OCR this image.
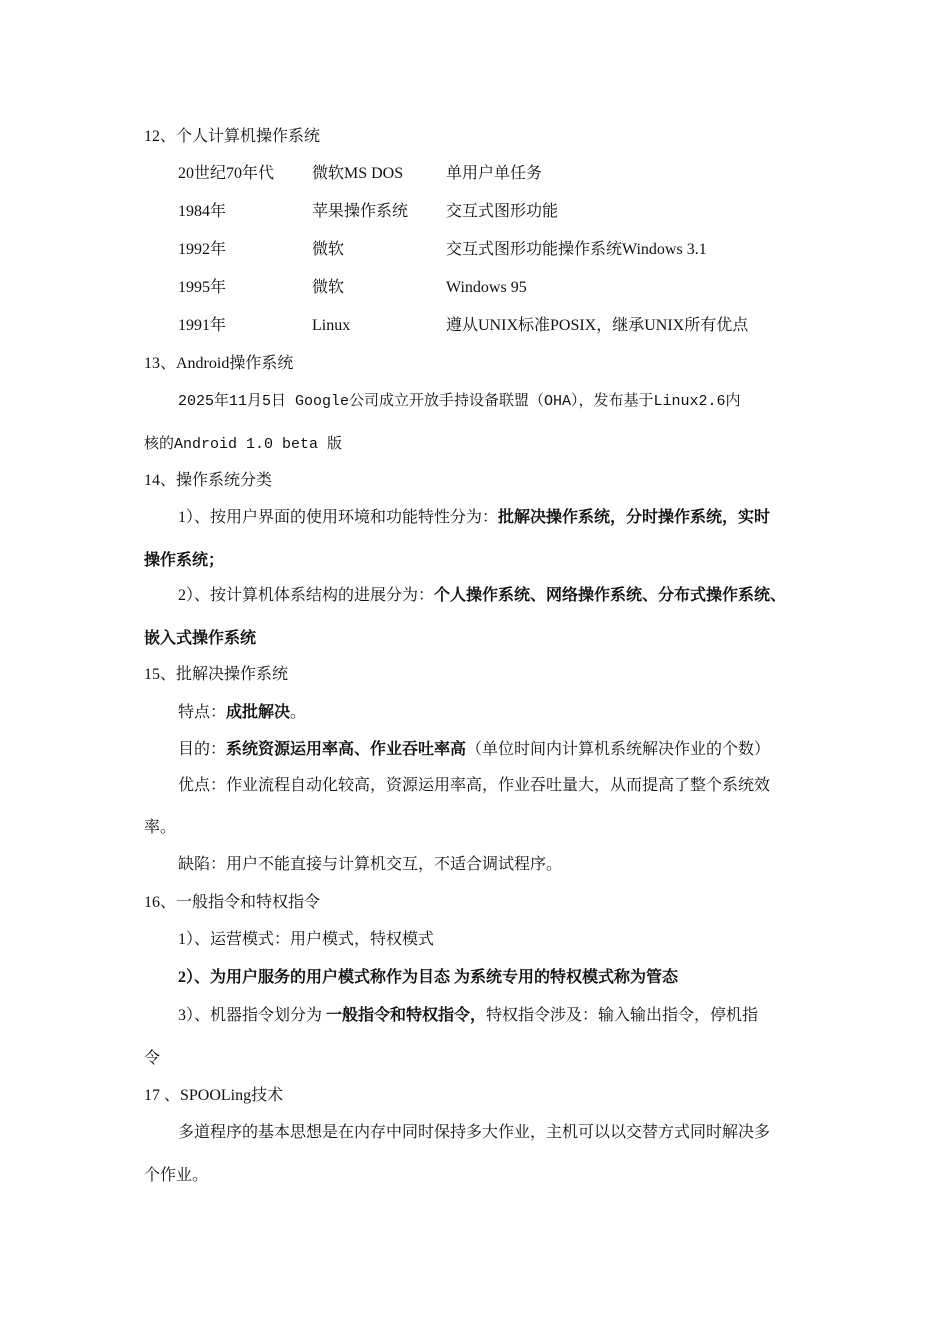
12、个人计算机操作系统
20世纪70年代 微软MS DOS	单用户单任务
1984年	苹果操作系统 交互式图形功能
1992年	微软	交互式图形功能操作系统Windows 3.1
1995年	微软	Windows 95
1991年	Linux	遵从UNIX标准POSIX，继承UNIX所有优点
13、Android操作系统
2025年11月5日 Google公司成立开放手持设备联盟（OHA），发布基于Linux2.6内
核的Android 1.0 beta 版
14、操作系统分类
1）、按用户界面的使用环境和功能特性分为：批解决操作系统，分时操作系统，实时
操作系统；
2）、按计算机体系结构的进展分为：个人操作系统、网络操作系统、分布式操作系统、
嵌入式操作系统
15、批解决操作系统
特点：成批解决。
目的：系统资源运用率高、作业吞吐率高（单位时间内计算机系统解决作业的个数）
优点：作业流程自动化较高，资源运用率高，作业吞吐量大，从而提高了整个系统效
率。
缺陷：用户不能直接与计算机交互，不适合调试程序。
16、一般指令和特权指令
1）、运营模式：用户模式，特权模式
2）、为用户服务的用户模式称作为目态 为系统专用的特权模式称为管态
3）、机器指令划分为 一般指令和特权指令，特权指令涉及：输入输出指令，停机指
令
17 、SPOOLing技术
多道程序的基本思想是在内存中同时保持多大作业，主机可以以交替方式同时解决多
个作业。
